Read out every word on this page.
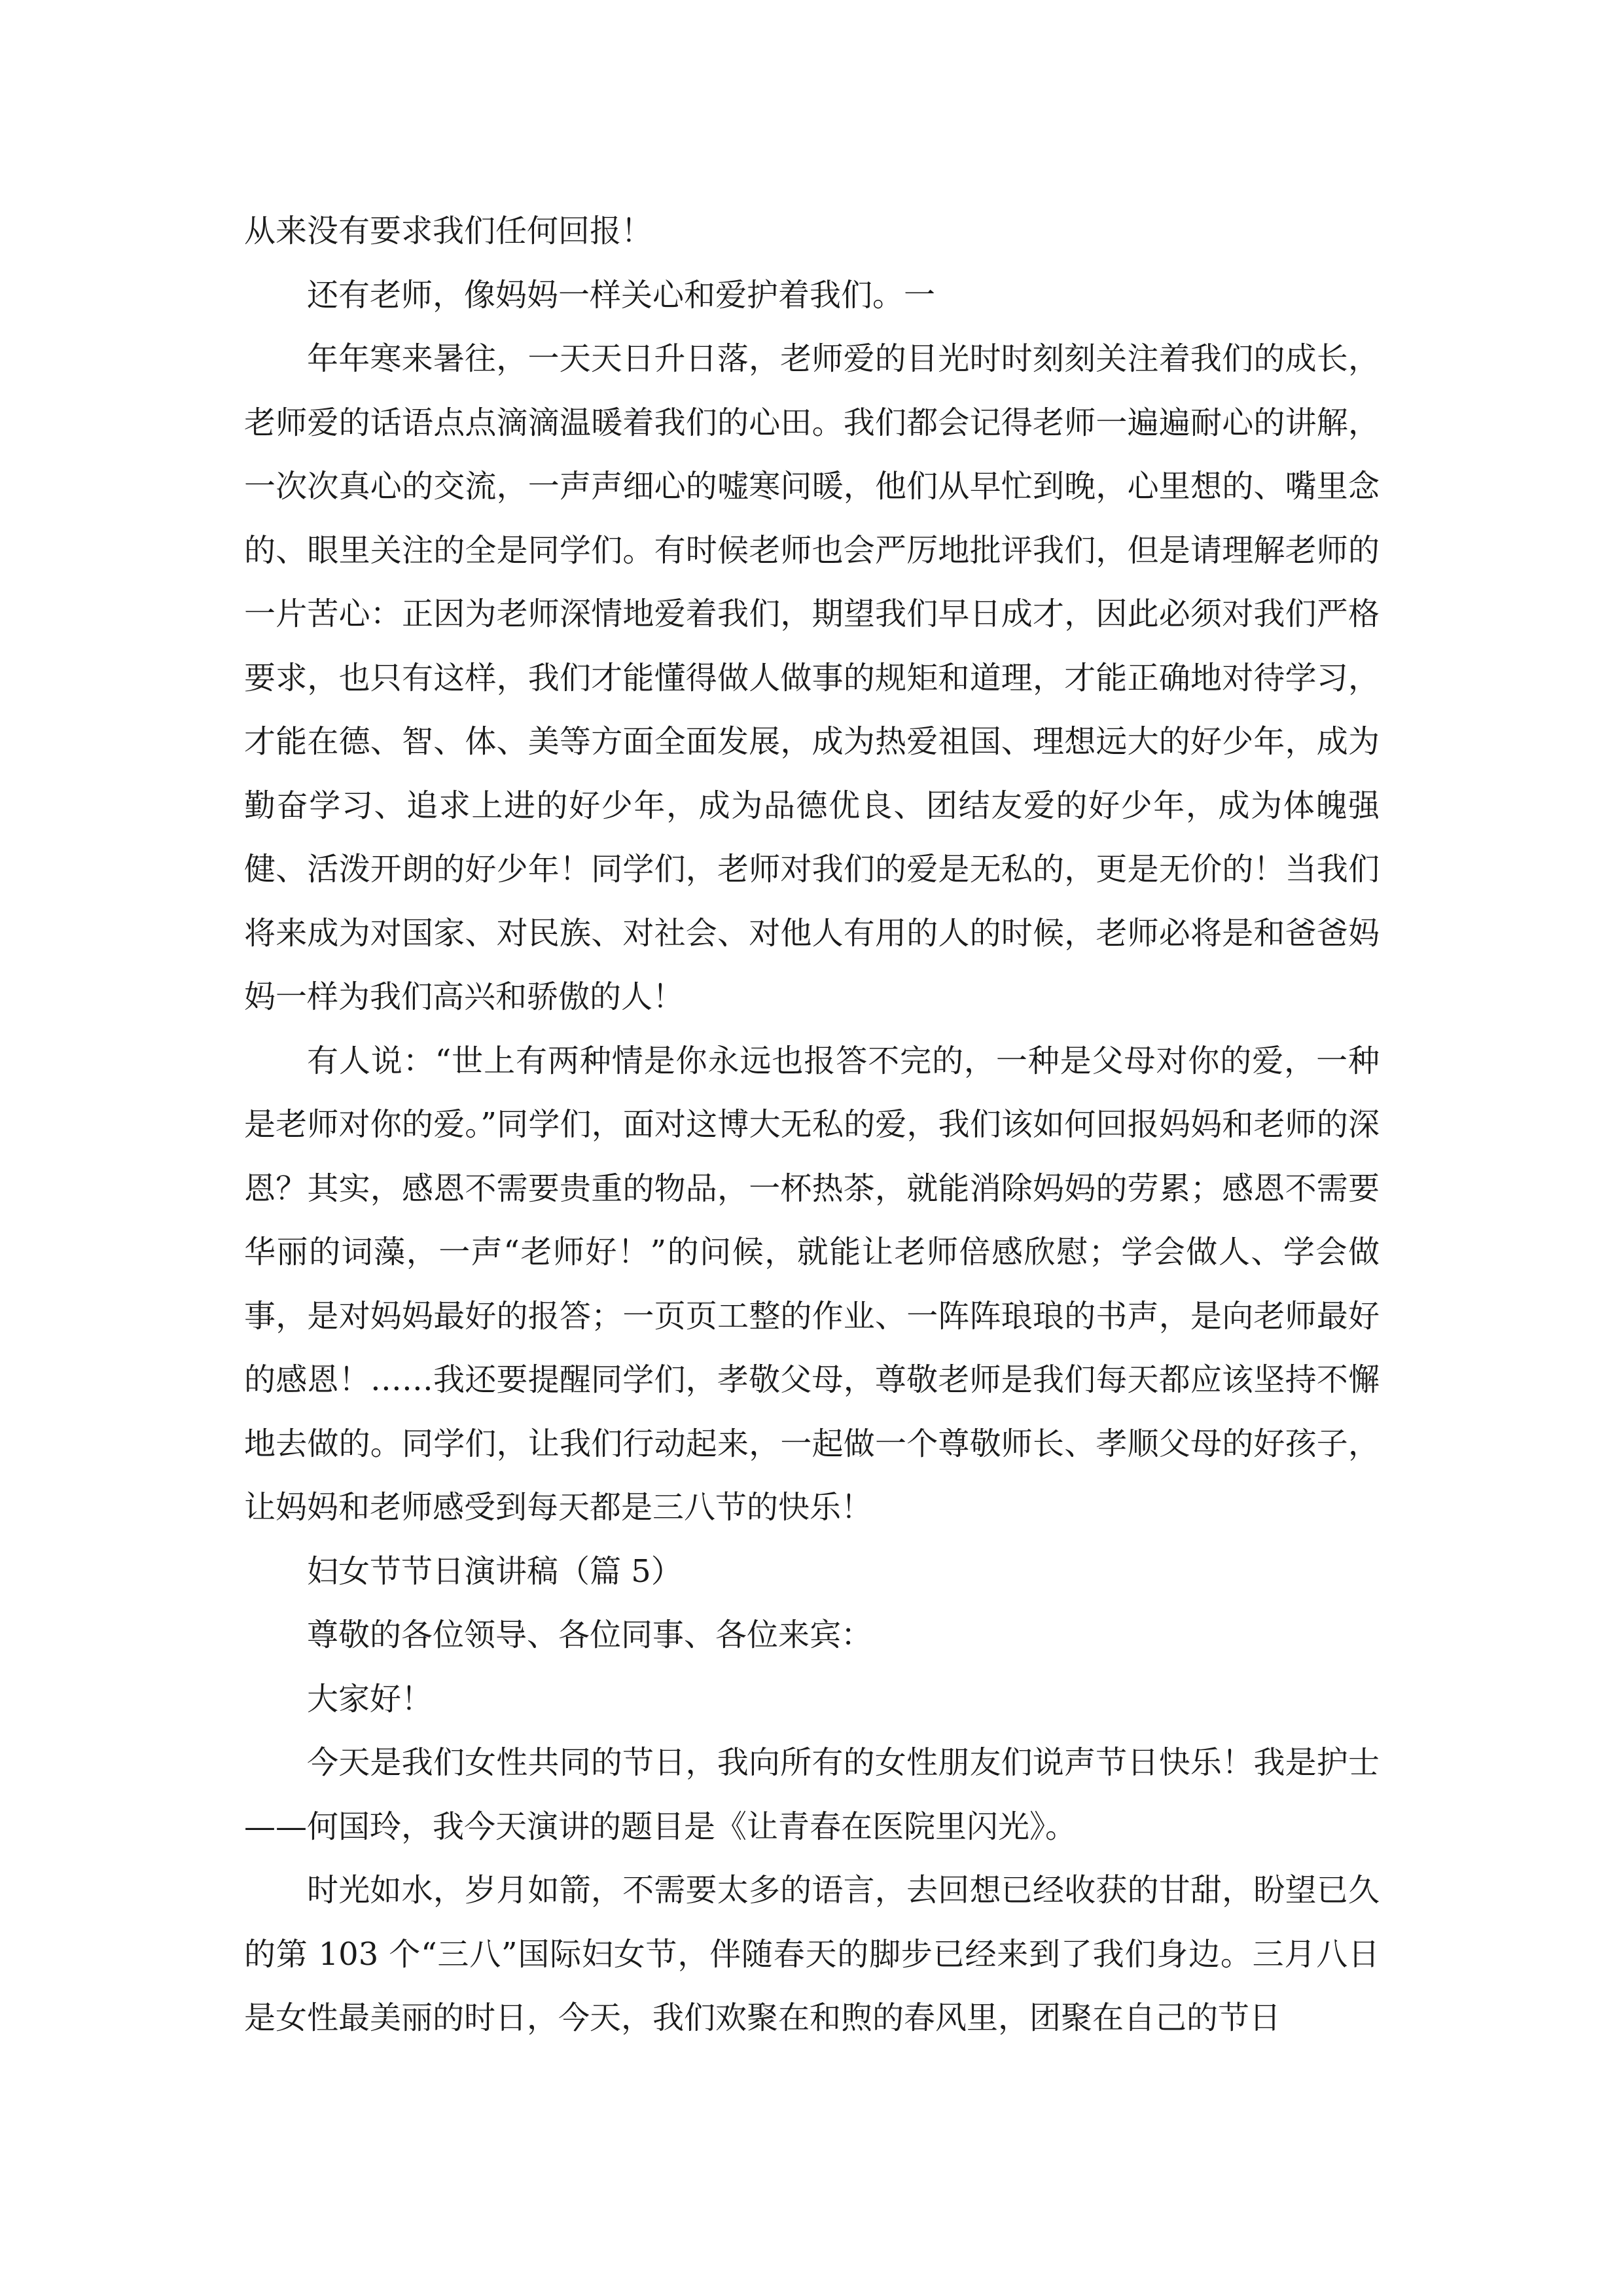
从来没有要求我们任何回报！

还有老师，像妈妈一样关心和爱护着我们。一

年年寒来暑往，一天天日升日落，老师爱的目光时时刻刻关注着我们的成长，老师爱的话语点点滴滴温暖着我们的心田。我们都会记得老师一遍遍耐心的讲解，一次次真心的交流，一声声细心的嘘寒问暖，他们从早忙到晚，心里想的、嘴里念的、眼里关注的全是同学们。有时候老师也会严厉地批评我们，但是请理解老师的一片苦心：正因为老师深情地爱着我们，期望我们早日成才，因此必须对我们严格要求，也只有这样，我们才能懂得做人做事的规矩和道理，才能正确地对待学习，才能在德、智、体、美等方面全面发展，成为热爱祖国、理想远大的好少年，成为勤奋学习、追求上进的好少年，成为品德优良、团结友爱的好少年，成为体魄强健、活泼开朗的好少年！同学们，老师对我们的爱是无私的，更是无价的！当我们将来成为对国家、对民族、对社会、对他人有用的人的时候，老师必将是和爸爸妈妈一样为我们高兴和骄傲的人！

有人说：“世上有两种情是你永远也报答不完的，一种是父母对你的爱，一种是老师对你的爱。”同学们，面对这博大无私的爱，我们该如何回报妈妈和老师的深恩？其实，感恩不需要贵重的物品，一杯热茶，就能消除妈妈的劳累；感恩不需要华丽的词藻，一声“老师好！”的问候，就能让老师倍感欣慰；学会做人、学会做事，是对妈妈最好的报答；一页页工整的作业、一阵阵琅琅的书声，是向老师最好的感恩！……我还要提醒同学们，孝敬父母，尊敬老师是我们每天都应该坚持不懈地去做的。同学们，让我们行动起来，一起做一个尊敬师长、孝顺父母的好孩子，让妈妈和老师感受到每天都是三八节的快乐！

妇女节节日演讲稿（篇 5）

尊敬的各位领导、各位同事、各位来宾：

大家好！

今天是我们女性共同的节日，我向所有的女性朋友们说声节日快乐！我是护士——何国玲，我今天演讲的题目是《让青春在医院里闪光》。

时光如水，岁月如箭，不需要太多的语言，去回想已经收获的甘甜，盼望已久的第 103 个“三八”国际妇女节，伴随春天的脚步已经来到了我们身边。三月八日是女性最美丽的时日，今天，我们欢聚在和煦的春风里，团聚在自己的节日
